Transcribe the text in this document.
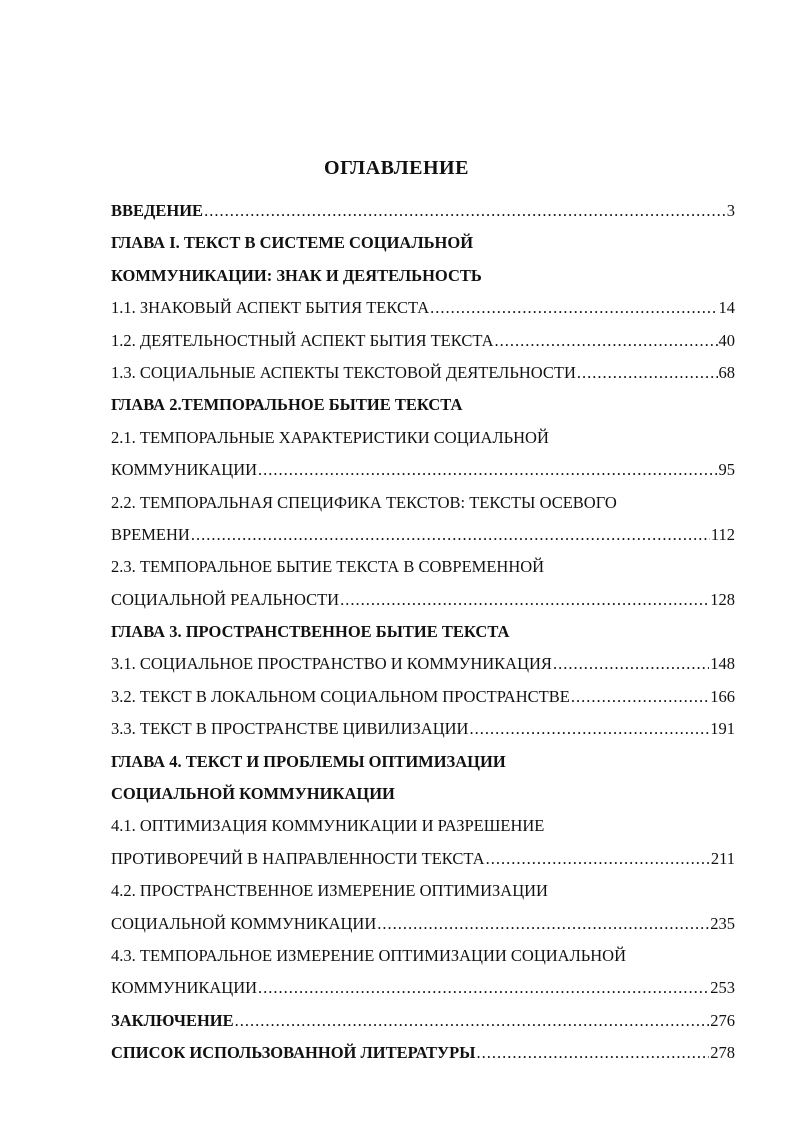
ОГЛАВЛЕНИЕ
ВВЕДЕНИЕ .....	3
ГЛАВА I. ТЕКСТ В СИСТЕМЕ СОЦИАЛЬНОЙ
КОММУНИКАЦИИ: ЗНАК И ДЕЯТЕЛЬНОСТЬ
1.1. ЗНАКОВЫЙ АСПЕКТ БЫТИЯ ТЕКСТА .....	14
1.2. ДЕЯТЕЛЬНОСТНЫЙ АСПЕКТ БЫТИЯ ТЕКСТА .....	40
1.3. СОЦИАЛЬНЫЕ АСПЕКТЫ ТЕКСТОВОЙ ДЕЯТЕЛЬНОСТИ .....	68
ГЛАВА 2.ТЕМПОРАЛЬНОЕ БЫТИЕ ТЕКСТА
2.1. ТЕМПОРАЛЬНЫЕ ХАРАКТЕРИСТИКИ СОЦИАЛЬНОЙ
КОММУНИКАЦИИ .....	95
2.2. ТЕМПОРАЛЬНАЯ СПЕЦИФИКА ТЕКСТОВ: ТЕКСТЫ ОСЕВОГО
ВРЕМЕНИ .....	112
2.3. ТЕМПОРАЛЬНОЕ БЫТИЕ ТЕКСТА В СОВРЕМЕННОЙ
СОЦИАЛЬНОЙ РЕАЛЬНОСТИ .....	128
ГЛАВА 3. ПРОСТРАНСТВЕННОЕ БЫТИЕ ТЕКСТА
3.1. СОЦИАЛЬНОЕ ПРОСТРАНСТВО И КОММУНИКАЦИЯ .....	148
3.2. ТЕКСТ В ЛОКАЛЬНОМ СОЦИАЛЬНОМ ПРОСТРАНСТВЕ .....	166
3.3. ТЕКСТ В ПРОСТРАНСТВЕ ЦИВИЛИЗАЦИИ .....	191
ГЛАВА 4. ТЕКСТ И ПРОБЛЕМЫ ОПТИМИЗАЦИИ
СОЦИАЛЬНОЙ КОММУНИКАЦИИ
4.1. ОПТИМИЗАЦИЯ КОММУНИКАЦИИ И РАЗРЕШЕНИЕ
ПРОТИВОРЕЧИЙ В НАПРАВЛЕННОСТИ ТЕКСТА .....	211
4.2. ПРОСТРАНСТВЕННОЕ ИЗМЕРЕНИЕ ОПТИМИЗАЦИИ
СОЦИАЛЬНОЙ КОММУНИКАЦИИ .....	235
4.3. ТЕМПОРАЛЬНОЕ ИЗМЕРЕНИЕ ОПТИМИЗАЦИИ СОЦИАЛЬНОЙ
КОММУНИКАЦИИ .....	253
ЗАКЛЮЧЕНИЕ .....	276
СПИСОК ИСПОЛЬЗОВАННОЙ ЛИТЕРАТУРЫ .....	278
